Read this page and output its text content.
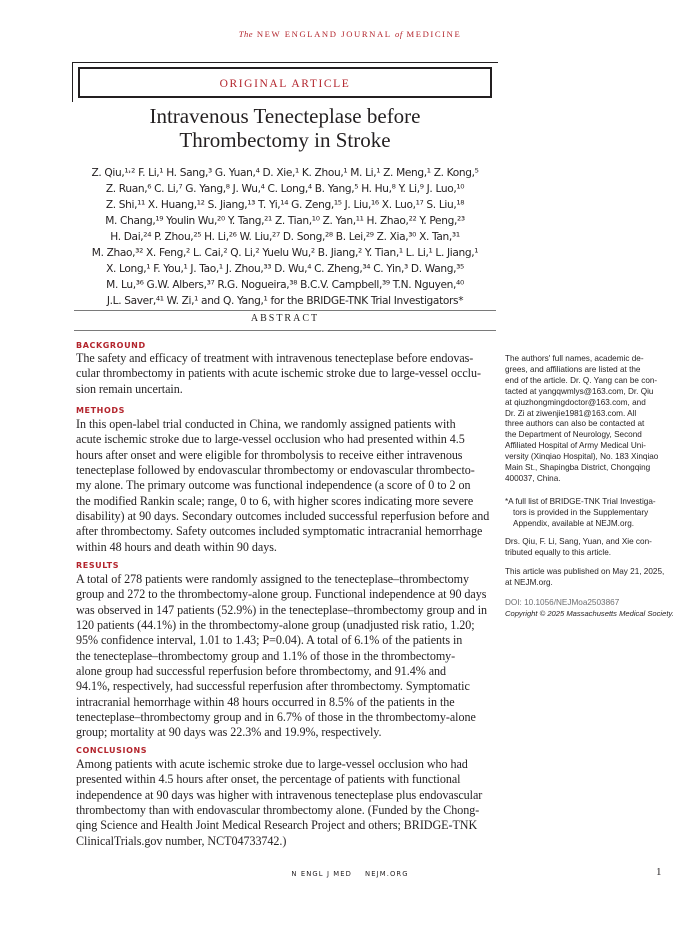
The NEW ENGLAND JOURNAL of MEDICINE
ORIGINAL ARTICLE
Intravenous Tenecteplase before
Thrombectomy in Stroke
Z. Qiu,¹˒² F. Li,¹ H. Sang,³ G. Yuan,⁴ D. Xie,¹ K. Zhou,¹ M. Li,¹ Z. Meng,¹ Z. Kong,⁵
Z. Ruan,⁶ C. Li,⁷ G. Yang,⁸ J. Wu,⁴ C. Long,⁴ B. Yang,⁵ H. Hu,⁸ Y. Li,⁹ J. Luo,¹⁰
Z. Shi,¹¹ X. Huang,¹² S. Jiang,¹³ T. Yi,¹⁴ G. Zeng,¹⁵ J. Liu,¹⁶ X. Luo,¹⁷ S. Liu,¹⁸
M. Chang,¹⁹ Youlin Wu,²⁰ Y. Tang,²¹ Z. Tian,¹⁰ Z. Yan,¹¹ H. Zhao,²² Y. Peng,²³
H. Dai,²⁴ P. Zhou,²⁵ H. Li,²⁶ W. Liu,²⁷ D. Song,²⁸ B. Lei,²⁹ Z. Xia,³⁰ X. Tan,³¹
M. Zhao,³² X. Feng,² L. Cai,² Q. Li,² Yuelu Wu,² B. Jiang,² Y. Tian,¹ L. Li,¹ L. Jiang,¹
X. Long,¹ F. You,¹ J. Tao,¹ J. Zhou,³³ D. Wu,⁴ C. Zheng,³⁴ C. Yin,³ D. Wang,³⁵
M. Lu,³⁶ G.W. Albers,³⁷ R.G. Nogueira,³⁸ B.C.V. Campbell,³⁹ T.N. Nguyen,⁴⁰
J.L. Saver,⁴¹ W. Zi,¹ and Q. Yang,¹ for the BRIDGE-TNK Trial Investigators*
ABSTRACT
BACKGROUND
The safety and efficacy of treatment with intravenous tenecteplase before endovas-
cular thrombectomy in patients with acute ischemic stroke due to large-vessel occlu-
sion remain uncertain.
METHODS
In this open-label trial conducted in China, we randomly assigned patients with
acute ischemic stroke due to large-vessel occlusion who had presented within 4.5
hours after onset and were eligible for thrombolysis to receive either intravenous
tenecteplase followed by endovascular thrombectomy or endovascular thrombecto-
my alone. The primary outcome was functional independence (a score of 0 to 2 on
the modified Rankin scale; range, 0 to 6, with higher scores indicating more severe
disability) at 90 days. Secondary outcomes included successful reperfusion before and
after thrombectomy. Safety outcomes included symptomatic intracranial hemorrhage
within 48 hours and death within 90 days.
RESULTS
A total of 278 patients were randomly assigned to the tenecteplase–thrombectomy
group and 272 to the thrombectomy-alone group. Functional independence at 90 days
was observed in 147 patients (52.9%) in the tenecteplase–thrombectomy group and in
120 patients (44.1%) in the thrombectomy-alone group (unadjusted risk ratio, 1.20;
95% confidence interval, 1.01 to 1.43; P=0.04). A total of 6.1% of the patients in
the tenecteplase–thrombectomy group and 1.1% of those in the thrombectomy-
alone group had successful reperfusion before thrombectomy, and 91.4% and
94.1%, respectively, had successful reperfusion after thrombectomy. Symptomatic
intracranial hemorrhage within 48 hours occurred in 8.5% of the patients in the
tenecteplase–thrombectomy group and in 6.7% of those in the thrombectomy-alone
group; mortality at 90 days was 22.3% and 19.9%, respectively.
CONCLUSIONS
Among patients with acute ischemic stroke due to large-vessel occlusion who had
presented within 4.5 hours after onset, the percentage of patients with functional
independence at 90 days was higher with intravenous tenecteplase plus endovascular
thrombectomy than with endovascular thrombectomy alone. (Funded by the Chong-
qing Science and Health Joint Medical Research Project and others; BRIDGE-TNK
ClinicalTrials.gov number, NCT04733742.)
The authors' full names, academic de-
grees, and affiliations are listed at the
end of the article. Dr. Q. Yang can be con-
tacted at yangqwmlys@163.com, Dr. Qiu
at qiuzhongmingdoctor@163.com, and
Dr. Zi at ziwenjie1981@163.com. All
three authors can also be contacted at
the Department of Neurology, Second
Affiliated Hospital of Army Medical Uni-
versity (Xinqiao Hospital), No. 183 Xinqiao
Main St., Shapingba District, Chongqing
400037, China.
*A full list of BRIDGE-TNK Trial Investiga-
tors is provided in the Supplementary
Appendix, available at NEJM.org.
Drs. Qiu, F. Li, Sang, Yuan, and Xie con-
tributed equally to this article.
This article was published on May 21, 2025,
at NEJM.org.
DOI: 10.1056/NEJMoa2503867
Copyright © 2025 Massachusetts Medical Society.
N ENGL J MED    NEJM.ORG	1
